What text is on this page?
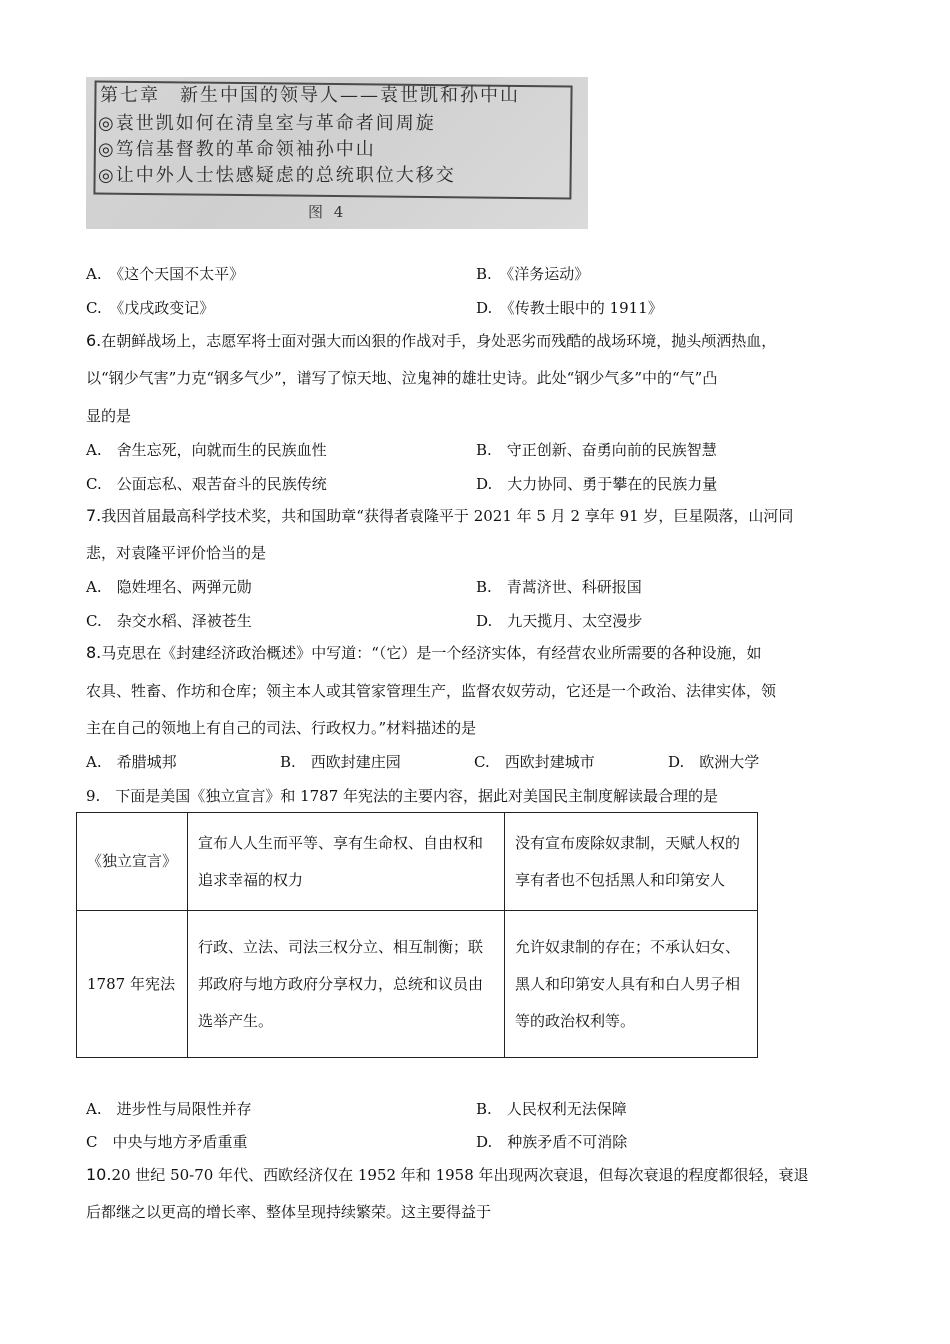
第七章　新生中国的领导人——袁世凯和孙中山
◎袁世凯如何在清皇室与革命者间周旋
◎笃信基督教的革命领袖孙中山
◎让中外人士怯感疑虑的总统职位大移交
图 4
A.　《这个天国不太平》	B.　《洋务运动》
C.　《戊戌政变记》	D.　《传教士眼中的 1911》
6.在朝鲜战场上，志愿军将士面对强大而凶狠的作战对手，身处恶劣而残酷的战场环境，抛头颅洒热血，
以“钢少气害”力克“钢多气少”，谱写了惊天地、泣鬼神的雄壮史诗。此处“钢少气多”中的“气”凸
显的是
A.　舍生忘死，向就而生的民族血性	B.　守正创新、奋勇向前的民族智慧
C.　公面忘私、艰苦奋斗的民族传统	D.　大力协同、勇于攀在的民族力量
7.我因首届最高科学技术奖，共和国助章“获得者袁隆平于 2021 年 5 月 2 享年 91 岁，巨星陨落，山河同
悲，对袁隆平评价恰当的是
A.　隐姓埋名、两弹元勋	B.　青蒿济世、科研报国
C.　杂交水稻、泽被苍生	D.　九天揽月、太空漫步
8.马克思在《封建经济政治概述》中写道：“（它）是一个经济实体，有经营农业所需要的各种设施，如
农具、牲畜、作坊和仓库；领主本人或其管家管理生产，监督农奴劳动，它还是一个政治、法律实体，领
主在自己的领地上有自己的司法、行政权力。”材料描述的是
A.　希腊城邦	B.　西欧封建庄园	C.　西欧封建城市	D.　欧洲大学
9.　下面是美国《独立宣言》和 1787 年宪法的主要内容，据此对美国民主制度解读最合理的是
《独立宣言》	宣布人人生而平等、享有生命权、自由权和追求幸福的权力	没有宣布废除奴隶制，天赋人权的享有者也不包括黑人和印第安人
1787 年宪法	行政、立法、司法三权分立、相互制衡；联邦政府与地方政府分享权力，总统和议员由选举产生。	允许奴隶制的存在；不承认妇女、黑人和印第安人具有和白人男子相等的政治权利等。
A.　进步性与局限性并存	B.　人民权利无法保障
C　中央与地方矛盾重重	D.　种族矛盾不可消除
10.20 世纪 50-70 年代、西欧经济仅在 1952 年和 1958 年出现两次衰退，但每次衰退的程度都很轻，衰退
后都继之以更高的增长率、整体呈现持续繁荣。这主要得益于
